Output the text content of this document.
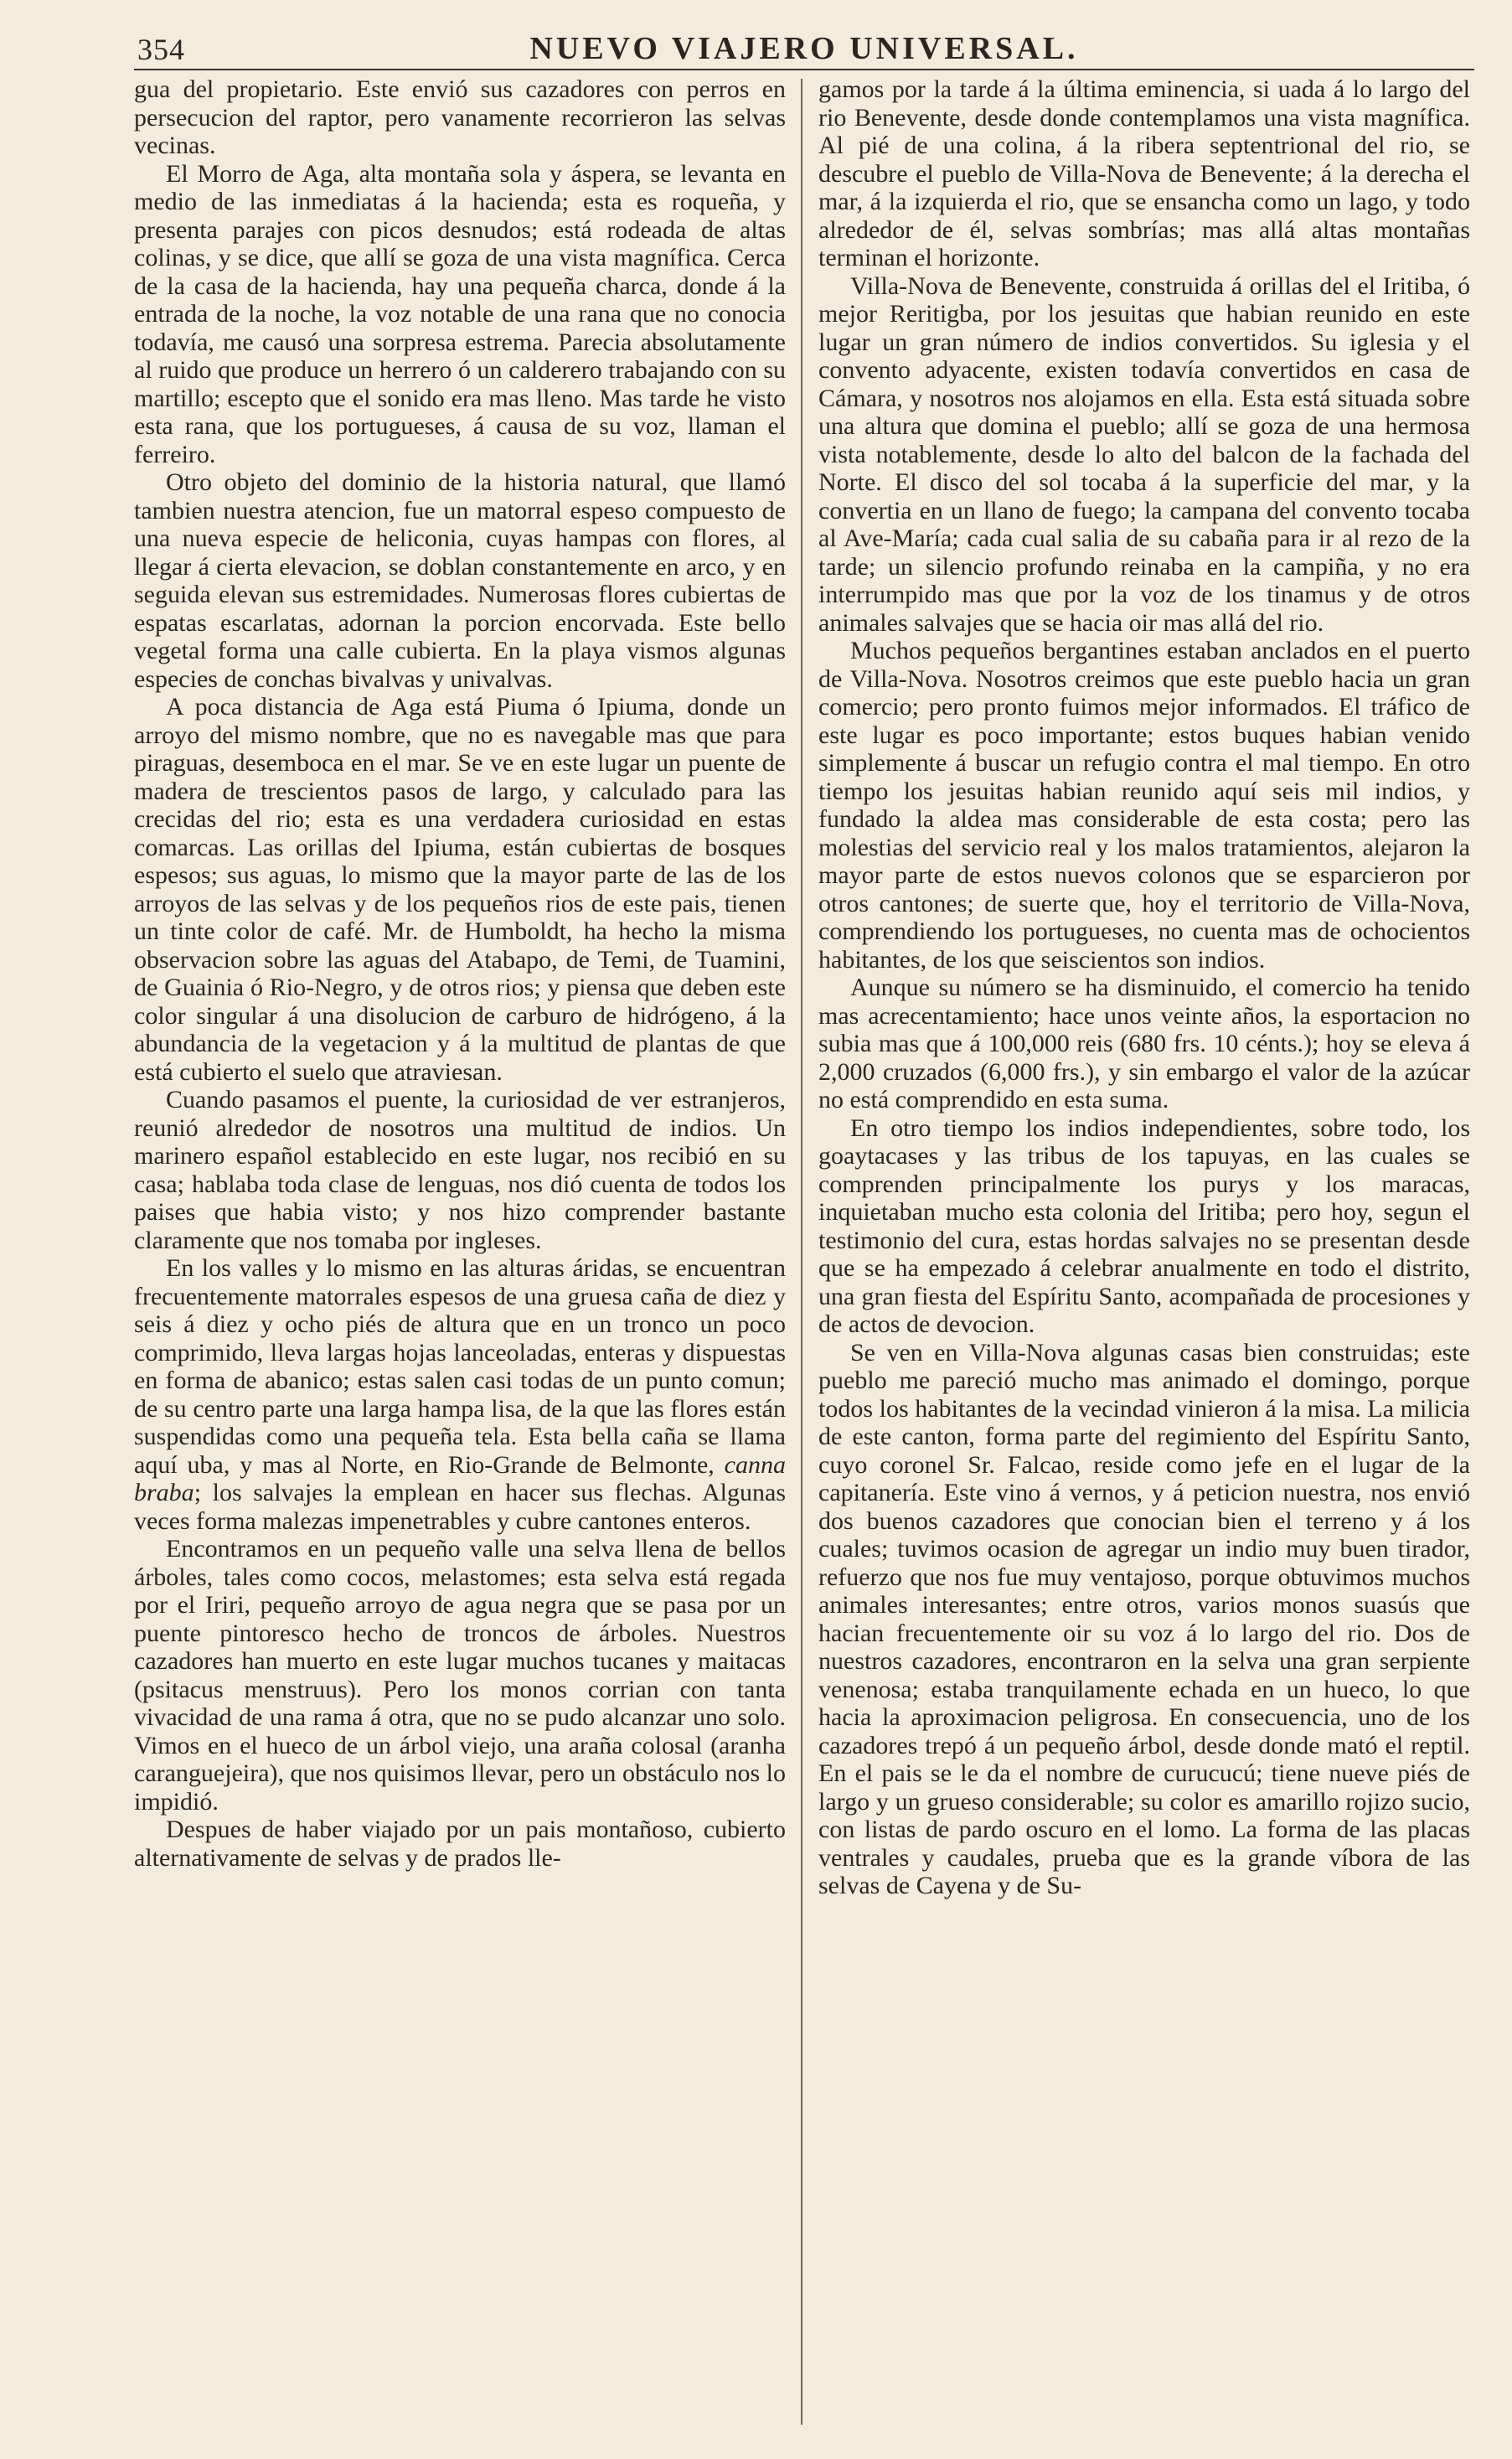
354	NUEVO VIAJERO UNIVERSAL.

gua del propietario. Este envió sus cazadores con perros en persecucion del raptor, pero vanamente recorrieron las selvas vecinas.

El Morro de Aga, alta montaña sola y áspera, se levanta en medio de las inmediatas á la hacienda; esta es roqueña, y presenta parajes con picos desnudos; está rodeada de altas colinas, y se dice, que allí se goza de una vista magnífica. Cerca de la casa de la hacienda, hay una pequeña charca, donde á la entrada de la noche, la voz notable de una rana que no conocia todavía, me causó una sorpresa estrema. Parecia absolutamente al ruido que produce un herrero ó un calderero trabajando con su martillo; escepto que el sonido era mas lleno. Mas tarde he visto esta rana, que los portugueses, á causa de su voz, llaman el ferreiro.

Otro objeto del dominio de la historia natural, que llamó tambien nuestra atencion, fue un matorral espeso compuesto de una nueva especie de heliconia, cuyas hampas con flores, al llegar á cierta elevacion, se doblan constantemente en arco, y en seguida elevan sus estremidades. Numerosas flores cubiertas de espatas escarlatas, adornan la porcion encorvada. Este bello vegetal forma una calle cubierta. En la playa vismos algunas especies de conchas bivalvas y univalvas.

A poca distancia de Aga está Piuma ó Ipiuma, donde un arroyo del mismo nombre, que no es navegable mas que para piraguas, desemboca en el mar. Se ve en este lugar un puente de madera de trescientos pasos de largo, y calculado para las crecidas del rio; esta es una verdadera curiosidad en estas comarcas. Las orillas del Ipiuma, están cubiertas de bosques espesos; sus aguas, lo mismo que la mayor parte de las de los arroyos de las selvas y de los pequeños rios de este pais, tienen un tinte color de café. Mr. de Humboldt, ha hecho la misma observacion sobre las aguas del Atabapo, de Temi, de Tuamini, de Guainia ó Rio-Negro, y de otros rios; y piensa que deben este color singular á una disolucion de carburo de hidrógeno, á la abundancia de la vegetacion y á la multitud de plantas de que está cubierto el suelo que atraviesan.

Cuando pasamos el puente, la curiosidad de ver estranjeros, reunió alrededor de nosotros una multitud de indios. Un marinero español establecido en este lugar, nos recibió en su casa; hablaba toda clase de lenguas, nos dió cuenta de todos los paises que habia visto; y nos hizo comprender bastante claramente que nos tomaba por ingleses.

En los valles y lo mismo en las alturas áridas, se encuentran frecuentemente matorrales espesos de una gruesa caña de diez y seis á diez y ocho piés de altura que en un tronco un poco comprimido, lleva largas hojas lanceoladas, enteras y dispuestas en forma de abanico; estas salen casi todas de un punto comun; de su centro parte una larga hampa lisa, de la que las flores están suspendidas como una pequeña tela. Esta bella caña se llama aquí uba, y mas al Norte, en Rio-Grande de Belmonte, canna braba; los salvajes la emplean en hacer sus flechas. Algunas veces forma malezas impenetrables y cubre cantones enteros.

Encontramos en un pequeño valle una selva llena de bellos árboles, tales como cocos, melastomes; esta selva está regada por el Iriri, pequeño arroyo de agua negra que se pasa por un puente pintoresco hecho de troncos de árboles. Nuestros cazadores han muerto en este lugar muchos tucanes y maitacas (psitacus menstruus). Pero los monos corrian con tanta vivacidad de una rama á otra, que no se pudo alcanzar uno solo. Vimos en el hueco de un árbol viejo, una araña colosal (aranha caranguejeira), que nos quisimos llevar, pero un obstáculo nos lo impidió.

Despues de haber viajado por un pais montañoso, cubierto alternativamente de selvas y de prados lle-

gamos por la tarde á la última eminencia, si uada á lo largo del rio Benevente, desde donde contemplamos una vista magnífica. Al pié de una colina, á la ribera septentrional del rio, se descubre el pueblo de Villa-Nova de Benevente; á la derecha el mar, á la izquierda el rio, que se ensancha como un lago, y todo alrededor de él, selvas sombrías; mas allá altas montañas terminan el horizonte.

Villa-Nova de Benevente, construida á orillas del el Iritiba, ó mejor Reritigba, por los jesuitas que habian reunido en este lugar un gran número de indios convertidos. Su iglesia y el convento adyacente, existen todavía convertidos en casa de Cámara, y nosotros nos alojamos en ella. Esta está situada sobre una altura que domina el pueblo; allí se goza de una hermosa vista notablemente, desde lo alto del balcon de la fachada del Norte. El disco del sol tocaba á la superficie del mar, y la convertia en un llano de fuego; la campana del convento tocaba al Ave-María; cada cual salia de su cabaña para ir al rezo de la tarde; un silencio profundo reinaba en la campiña, y no era interrumpido mas que por la voz de los tinamus y de otros animales salvajes que se hacia oir mas allá del rio.

Muchos pequeños bergantines estaban anclados en el puerto de Villa-Nova. Nosotros creimos que este pueblo hacia un gran comercio; pero pronto fuimos mejor informados. El tráfico de este lugar es poco importante; estos buques habian venido simplemente á buscar un refugio contra el mal tiempo. En otro tiempo los jesuitas habian reunido aquí seis mil indios, y fundado la aldea mas considerable de esta costa; pero las molestias del servicio real y los malos tratamientos, alejaron la mayor parte de estos nuevos colonos que se esparcieron por otros cantones; de suerte que, hoy el territorio de Villa-Nova, comprendiendo los portugueses, no cuenta mas de ochocientos habitantes, de los que seiscientos son indios.

Aunque su número se ha disminuido, el comercio ha tenido mas acrecentamiento; hace unos veinte años, la esportacion no subia mas que á 100,000 reis (680 frs. 10 cénts.); hoy se eleva á 2,000 cruzados (6,000 frs.), y sin embargo el valor de la azúcar no está comprendido en esta suma.

En otro tiempo los indios independientes, sobre todo, los goaytacases y las tribus de los tapuyas, en las cuales se comprenden principalmente los purys y los maracas, inquietaban mucho esta colonia del Iritiba; pero hoy, segun el testimonio del cura, estas hordas salvajes no se presentan desde que se ha empezado á celebrar anualmente en todo el distrito, una gran fiesta del Espíritu Santo, acompañada de procesiones y de actos de devocion.

Se ven en Villa-Nova algunas casas bien construidas; este pueblo me pareció mucho mas animado el domingo, porque todos los habitantes de la vecindad vinieron á la misa. La milicia de este canton, forma parte del regimiento del Espíritu Santo, cuyo coronel Sr. Falcao, reside como jefe en el lugar de la capitanería. Este vino á vernos, y á peticion nuestra, nos envió dos buenos cazadores que conocian bien el terreno y á los cuales; tuvimos ocasion de agregar un indio muy buen tirador, refuerzo que nos fue muy ventajoso, porque obtuvimos muchos animales interesantes; entre otros, varios monos suasús que hacian frecuentemente oir su voz á lo largo del rio. Dos de nuestros cazadores, encontraron en la selva una gran serpiente venenosa; estaba tranquilamente echada en un hueco, lo que hacia la aproximacion peligrosa. En consecuencia, uno de los cazadores trepó á un pequeño árbol, desde donde mató el reptil. En el pais se le da el nombre de curucucú; tiene nueve piés de largo y un grueso considerable; su color es amarillo rojizo sucio, con listas de pardo oscuro en el lomo. La forma de las placas ventrales y caudales, prueba que es la grande víbora de las selvas de Cayena y de Su-
